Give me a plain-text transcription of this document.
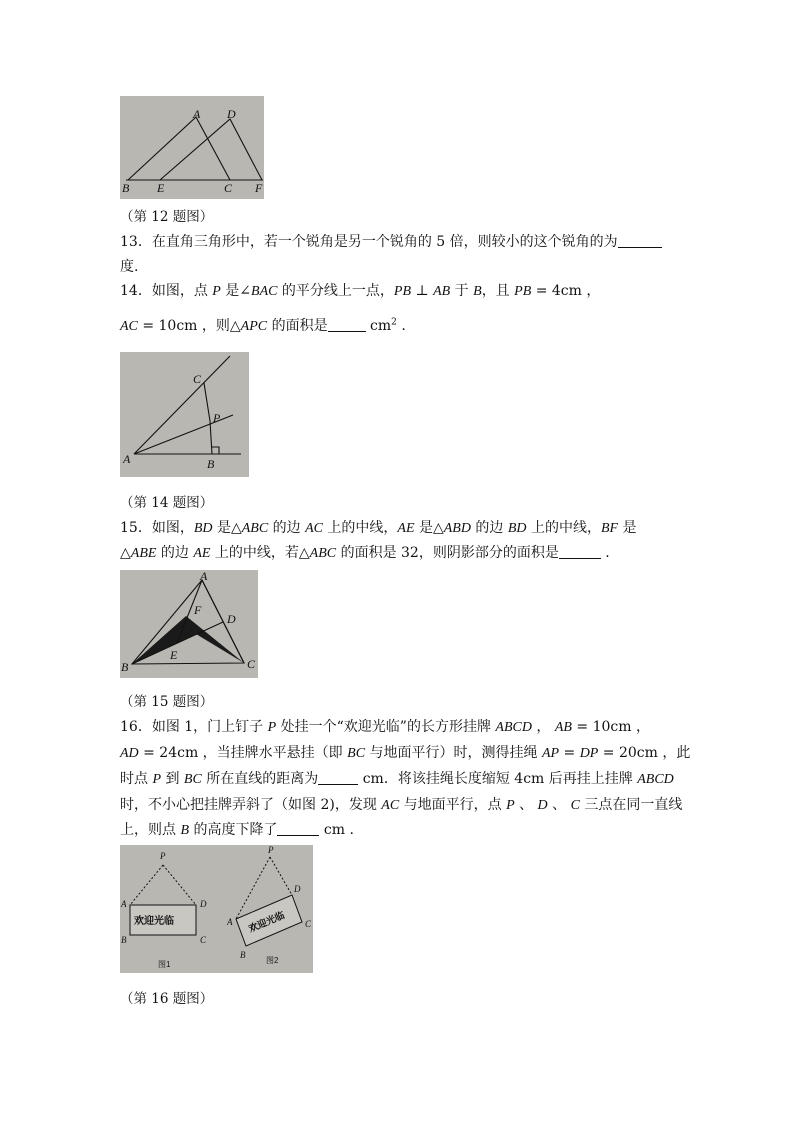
A D
B E	C F
（第 12 题图）
13．在直角三角形中，若一个锐角是另一个锐角的 5 倍，则较小的这个锐角的为
度.
14．如图，点 P 是∠BAC 的平分线上一点，PB ⊥ AB 于 B，且 PB = 4cm ，
AC = 10cm ，则△APC 的面积是	$cm^2$ .
C
P
A	B
（第 14 题图）
15．如图，BD 是△ABC 的边 AC 上的中线，AE 是△ABD 的边 BD 上的中线，BF 是
△ABE 的边 AE 上的中线，若△ABC 的面积是 32，则阴影部分的面积是	.
A
F
D
E
B	C
（第 15 题图）
16．如图 1，门上钉子 P 处挂一个“欢迎光临”的长方形挂牌 ABCD ， AB = 10cm ，
AD = 24cm ，当挂牌水平悬挂（即 BC 与地面平行）时，测得挂绳 AP = DP = 20cm ，此
时点 P 到 BC 所在直线的距离为	cm．将该挂绳长度缩短 4cm 后再挂上挂牌 ABCD
时，不小心把挂牌弄斜了（如图 2)，发现 AC 与地面平行，点 P 、 D 、 C 三点在同一直线
上，则点 B 的高度下降了	cm .
欢迎光临
P
A
B	C
D
图1
欢迎光临
P
A
B
C
D
图2
（第 16 题图）
